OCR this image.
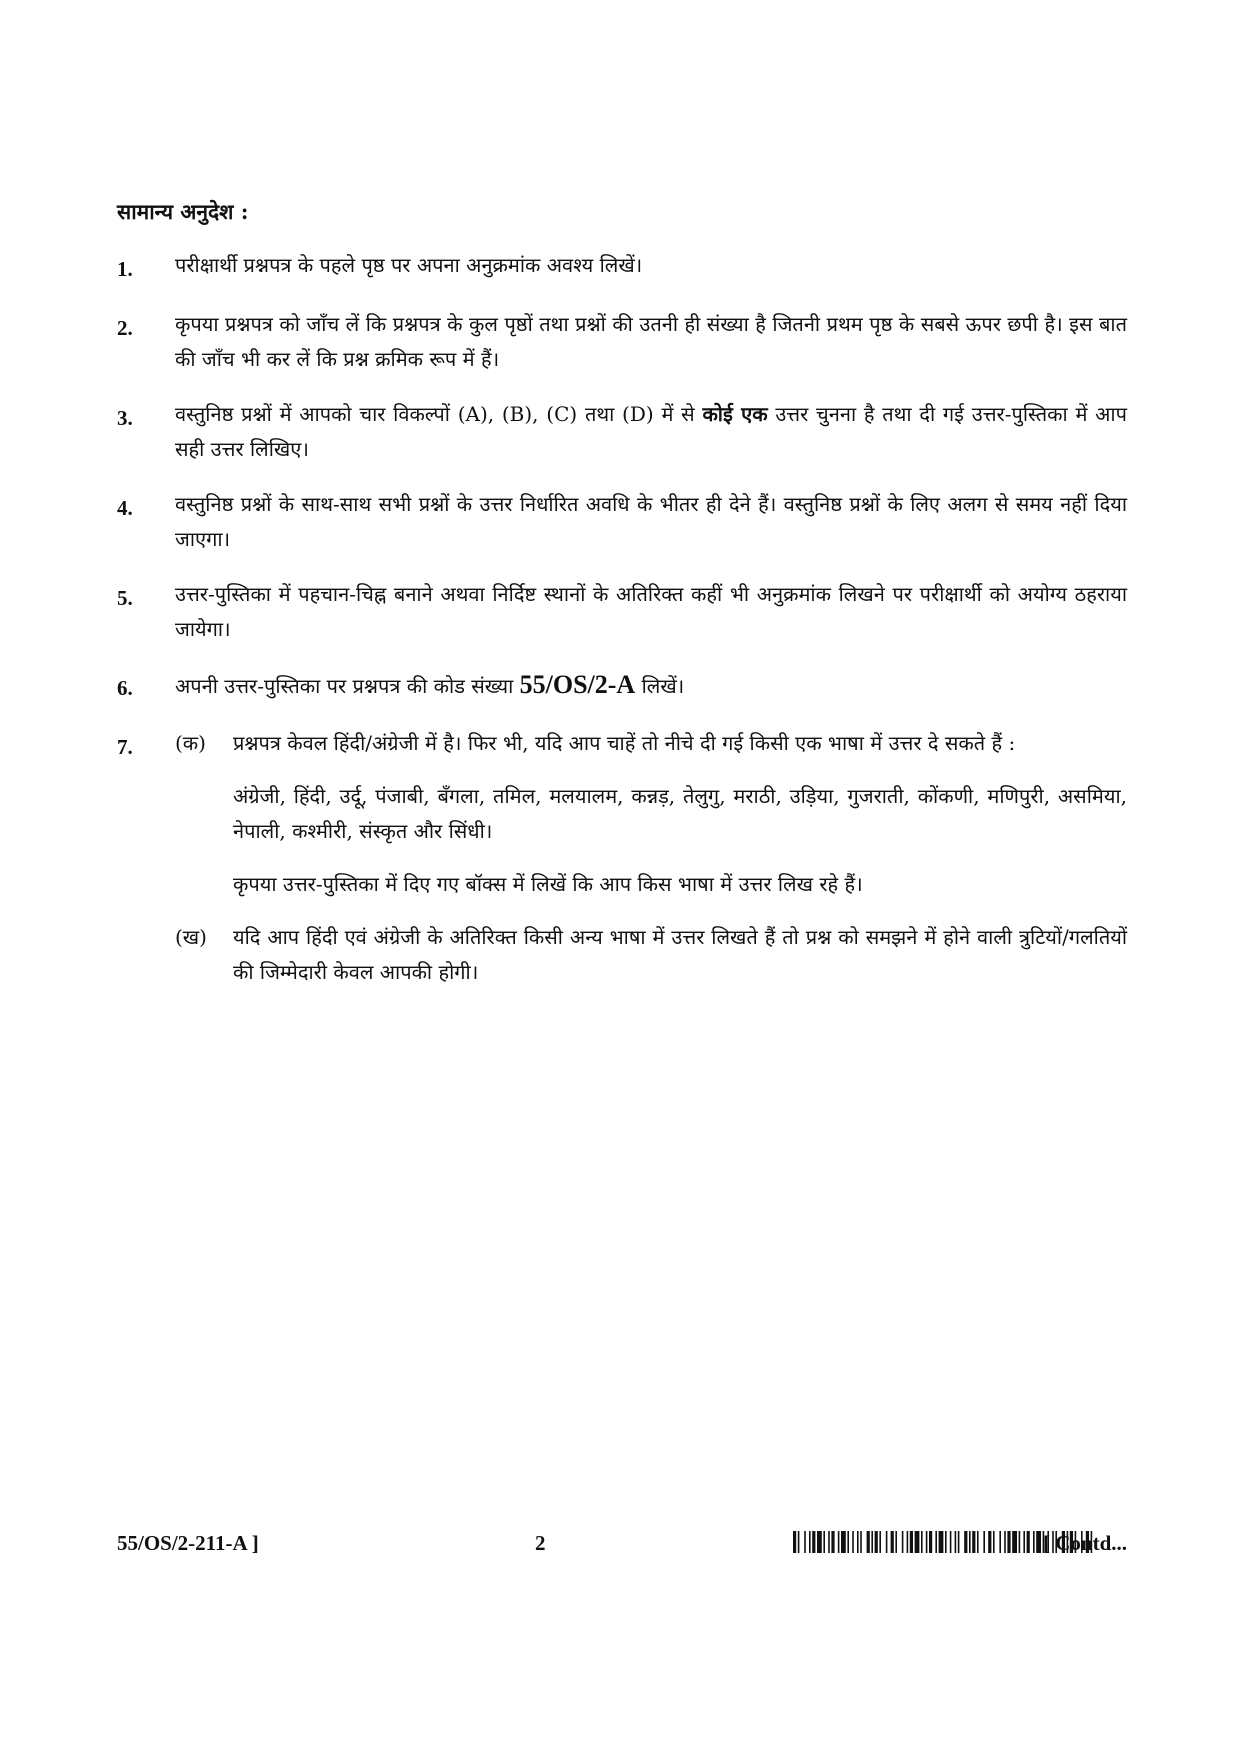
सामान्य अनुदेश :
1.	परीक्षार्थी प्रश्नपत्र के पहले पृष्ठ पर अपना अनुक्रमांक अवश्य लिखें।
2.	कृपया प्रश्नपत्र को जाँच लें कि प्रश्नपत्र के कुल पृष्ठों तथा प्रश्नों की उतनी ही संख्या है जितनी प्रथम पृष्ठ के सबसे ऊपर छपी है। इस बात की जाँच भी कर लें कि प्रश्न क्रमिक रूप में हैं।
3.	वस्तुनिष्ठ प्रश्नों में आपको चार विकल्पों (A), (B), (C) तथा (D) में से कोई एक उत्तर चुनना है तथा दी गई उत्तर-पुस्तिका में आप सही उत्तर लिखिए।
4.	वस्तुनिष्ठ प्रश्नों के साथ-साथ सभी प्रश्नों के उत्तर निर्धारित अवधि के भीतर ही देने हैं। वस्तुनिष्ठ प्रश्नों के लिए अलग से समय नहीं दिया जाएगा।
5.	उत्तर-पुस्तिका में पहचान-चिह्न बनाने अथवा निर्दिष्ट स्थानों के अतिरिक्त कहीं भी अनुक्रमांक लिखने पर परीक्षार्थी को अयोग्य ठहराया जायेगा।
6.	अपनी उत्तर-पुस्तिका पर प्रश्नपत्र की कोड संख्या 55/OS/2-A लिखें।
7.	(क)	प्रश्नपत्र केवल हिंदी/अंग्रेजी में है। फिर भी, यदि आप चाहें तो नीचे दी गई किसी एक भाषा में उत्तर दे सकते हैं :
अंग्रेजी, हिंदी, उर्दू, पंजाबी, बँगला, तमिल, मलयालम, कन्नड़, तेलुगु, मराठी, उड़िया, गुजराती, कोंकणी, मणिपुरी, असमिया, नेपाली, कश्मीरी, संस्कृत और सिंधी।
कृपया उत्तर-पुस्तिका में दिए गए बॉक्स में लिखें कि आप किस भाषा में उत्तर लिख रहे हैं।
(ख)	यदि आप हिंदी एवं अंग्रेजी के अतिरिक्त किसी अन्य भाषा में उत्तर लिखते हैं तो प्रश्न को समझने में होने वाली त्रुटियों/गलतियों की जिम्मेदारी केवल आपकी होगी।
55/OS/2-211-A ]	2	[ Contd...
